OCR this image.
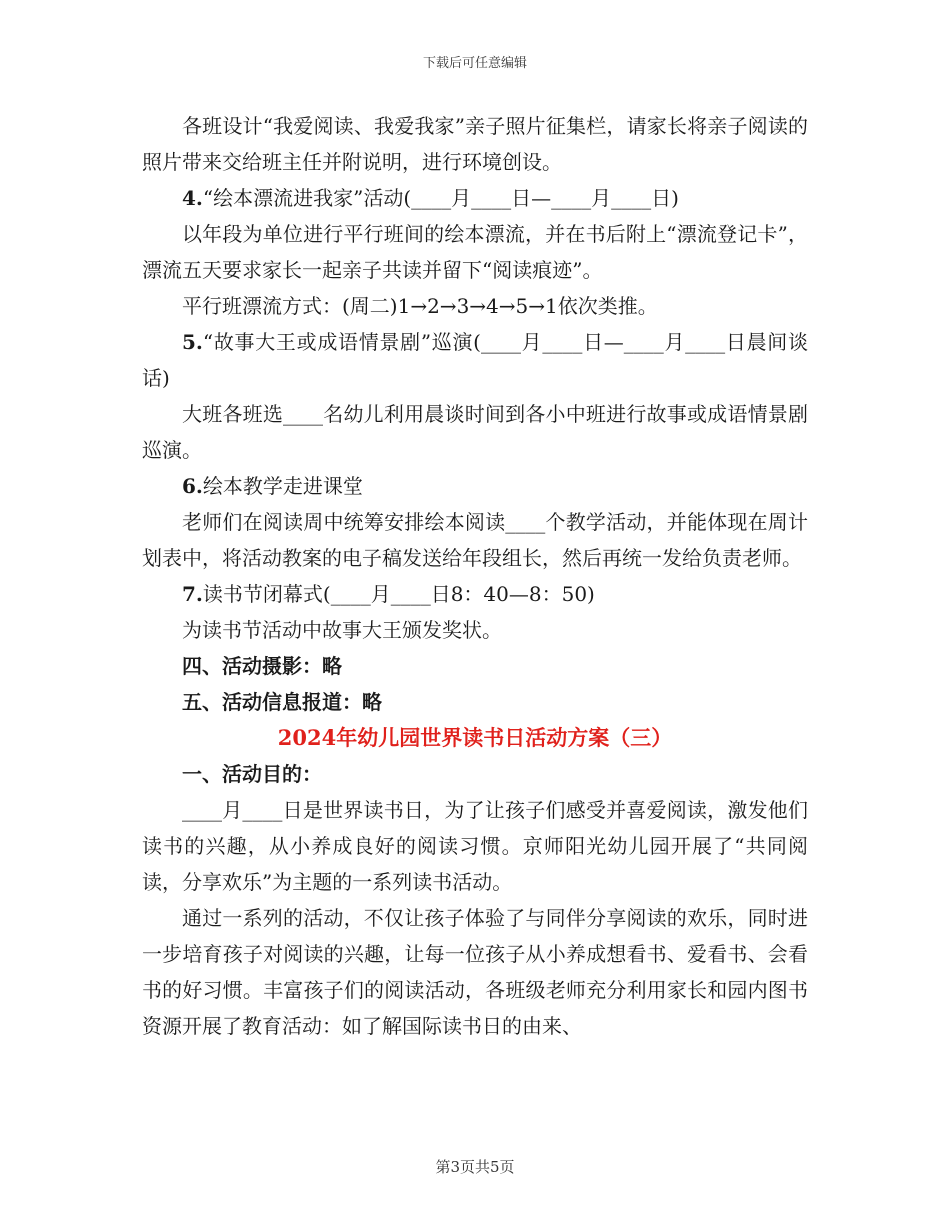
下载后可任意编辑

各班设计“我爱阅读、我爱我家”亲子照片征集栏，请家长将亲子阅读的照片带来交给班主任并附说明，进行环境创设。

4.“绘本漂流进我家”活动(____月____日—____月____日)

以年段为单位进行平行班间的绘本漂流，并在书后附上“漂流登记卡”，漂流五天要求家长一起亲子共读并留下“阅读痕迹”。

平行班漂流方式：(周二)1→2→3→4→5→1依次类推。

5.“故事大王或成语情景剧”巡演(____月____日—____月____日晨间谈话)

大班各班选____名幼儿利用晨谈时间到各小中班进行故事或成语情景剧巡演。

6.绘本教学走进课堂

老师们在阅读周中统筹安排绘本阅读____个教学活动，并能体现在周计划表中，将活动教案的电子稿发送给年段组长，然后再统一发给负责老师。

7.读书节闭幕式(____月____日8：40—8：50)

为读书节活动中故事大王颁发奖状。

四、活动摄影：略

五、活动信息报道：略

2024年幼儿园世界读书日活动方案（三）

一、活动目的：

____月____日是世界读书日，为了让孩子们感受并喜爱阅读，激发他们读书的兴趣，从小养成良好的阅读习惯。京师阳光幼儿园开展了“共同阅读，分享欢乐”为主题的一系列读书活动。

通过一系列的活动，不仅让孩子体验了与同伴分享阅读的欢乐，同时进一步培育孩子对阅读的兴趣，让每一位孩子从小养成想看书、爱看书、会看书的好习惯。丰富孩子们的阅读活动，各班级老师充分利用家长和园内图书资源开展了教育活动：如了解国际读书日的由来、

第3页共5页
